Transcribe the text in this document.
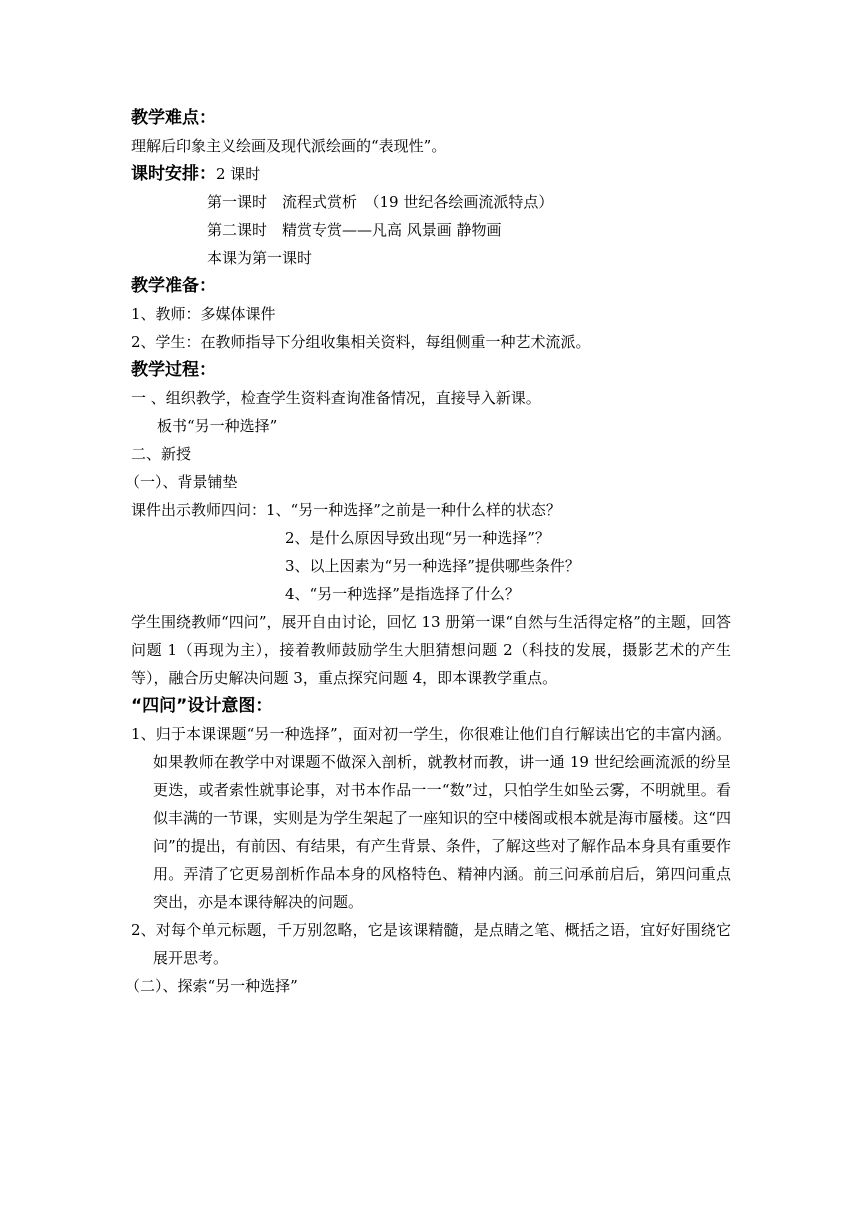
教学难点：
理解后印象主义绘画及现代派绘画的“表现性”。
课时安排：2 课时
第一课时　流程式赏析　（19 世纪各绘画流派特点）
第二课时　精赏专赏——凡高 风景画 静物画
本课为第一课时
教学准备：
1、教师：多媒体课件
2、学生：在教师指导下分组收集相关资料，每组侧重一种艺术流派。
教学过程：
一 、组织教学，检查学生资料查询准备情况，直接导入新课。
板书“另一种选择”
二、新授
（一）、背景铺垫
课件出示教师四问：1、“另一种选择”之前是一种什么样的状态？
2、是什么原因导致出现“另一种选择”？
3、以上因素为“另一种选择”提供哪些条件？
4、“另一种选择”是指选择了什么？
学生围绕教师“四问”，展开自由讨论，回忆 13 册第一课“自然与生活得定格”的主题，回答问题 1（再现为主），接着教师鼓励学生大胆猜想问题 2（科技的发展，摄影艺术的产生等），融合历史解决问题 3，重点探究问题 4，即本课教学重点。
“四问”设计意图：
1、归于本课课题“另一种选择”，面对初一学生，你很难让他们自行解读出它的丰富内涵。如果教师在教学中对课题不做深入剖析，就教材而教，讲一通 19 世纪绘画流派的纷呈更迭，或者索性就事论事，对书本作品一一“数”过，只怕学生如坠云雾，不明就里。看似丰满的一节课，实则是为学生架起了一座知识的空中楼阁或根本就是海市蜃楼。这“四问”的提出，有前因、有结果，有产生背景、条件，了解这些对了解作品本身具有重要作用。弄清了它更易剖析作品本身的风格特色、精神内涵。前三问承前启后，第四问重点突出，亦是本课待解决的问题。
2、对每个单元标题，千万别忽略，它是该课精髓，是点睛之笔、概括之语，宜好好围绕它展开思考。
（二）、探索“另一种选择”
